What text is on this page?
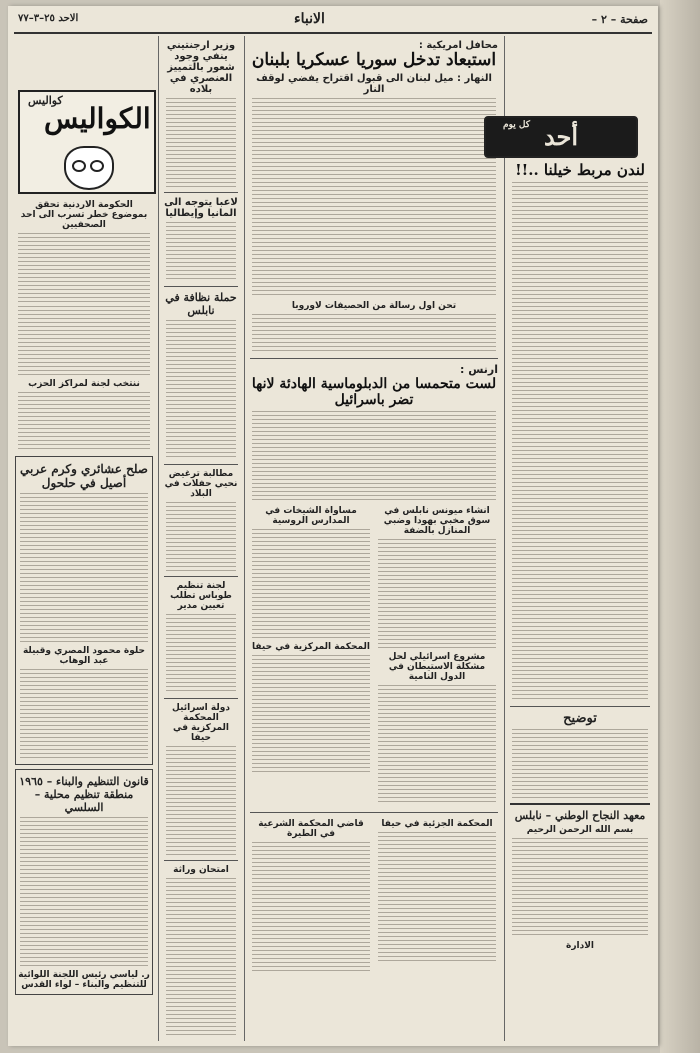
صفحة – ٢ –
الانباء
الاحد ٢٥–٣–٧٧
الحكومة الاردنية تحقق بموضوع خطر تسرب الى احد الصحفيين
ننتخب لجنة لمراكز الحزب
صلح عشائري وكرم عربي أصيل في حلحول
حلوة محمود المصري وقبيلة عبد الوهاب
قانون التنظيم والبناء – ١٩٦٥ منطقة تنظيم محلية – السلسي
ر. لياسي رئيس اللجنة اللوائية للتنظيم والبناء – لواء القدس
كواليس
الكواليس
وزير ارجنتيني ينفي وجود شعور بالتمييز العنصري في بلاده
لاعبا يتوجه الى المانيا وإيطاليا
حملة نظافة في نابلس
مطالبة ترغيض نحيي حفلات في البلاد
لجنة تنظيم طوباس تطلب تعيين مدير
دولة اسرائيل المحكمة المركزية في حيفا
امتحان وراثة
محافل امريكية :
استبعاد تدخل سوريا عسكريا بلبنان
النهار : ميل لبنان الى قبول اقتراح يفضي لوقف النار
تحن اول رسالة من الحصيفات لاوروبا
ارنس :
لست متحمسا من الدبلوماسية الهادئة لانها تضر باسرائيل
انشاء ميونس نابلس في سوق مخبي بهودا وضبي المنازل بالضفة
مشروع اسرائيلي لحل مشكلة الاستيطان في الدول النامية
مساواة الشيخات في المدارس الروسية
المحكمة المركزية في حيفا
المحكمة الجزئية في حيفا
قاضي المحكمة الشرعية في الطيرة
لندن مربط خيلنا ..!!
توضيح
معهد النجاح الوطني – نابلس
بسم الله الرحمن الرحيم
الادارة
كل يوم أحد
